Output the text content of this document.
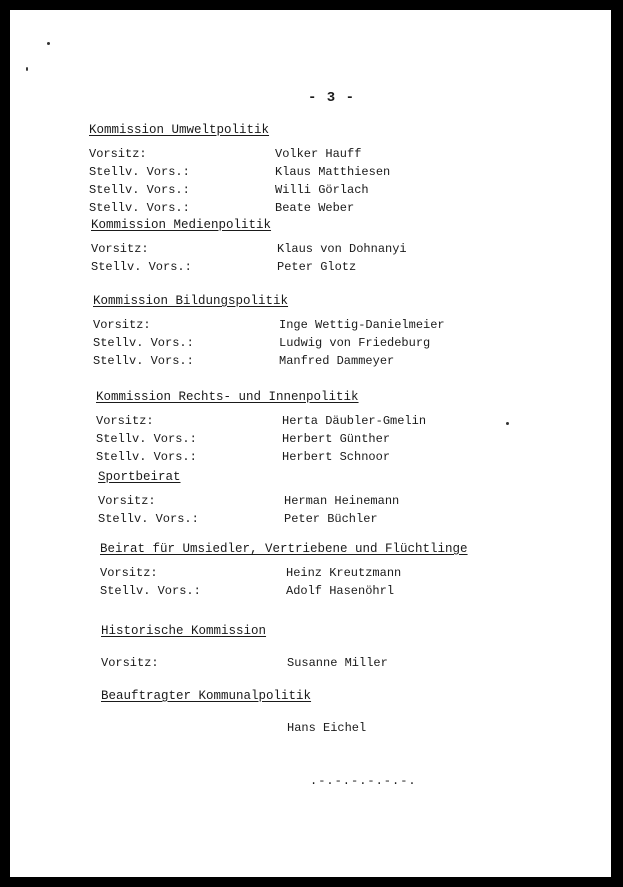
- 3 -
Kommission Umweltpolitik
Vorsitz:	Volker Hauff
Stellv. Vors.:	Klaus Matthiesen
Stellv. Vors.:	Willi Görlach
Stellv. Vors.:	Beate Weber
Kommission Medienpolitik
Vorsitz:	Klaus von Dohnanyi
Stellv. Vors.:	Peter Glotz
Kommission Bildungspolitik
Vorsitz:	Inge Wettig-Danielmeier
Stellv. Vors.:	Ludwig von Friedeburg
Stellv. Vors.:	Manfred Dammeyer
Kommission Rechts- und Innenpolitik
Vorsitz:	Herta Däubler-Gmelin
Stellv. Vors.:	Herbert Günther
Stellv. Vors.:	Herbert Schnoor
Sportbeirat
Vorsitz:	Herman Heinemann
Stellv. Vors.:	Peter Büchler
Beirat für Umsiedler, Vertriebene und Flüchtlinge
Vorsitz:	Heinz Kreutzmann
Stellv. Vors.:	Adolf Hasenöhrl
Historische Kommission
Vorsitz:	Susanne Miller
Beauftragter Kommunalpolitik
Hans Eichel
.-.-.-.-.-.-.
